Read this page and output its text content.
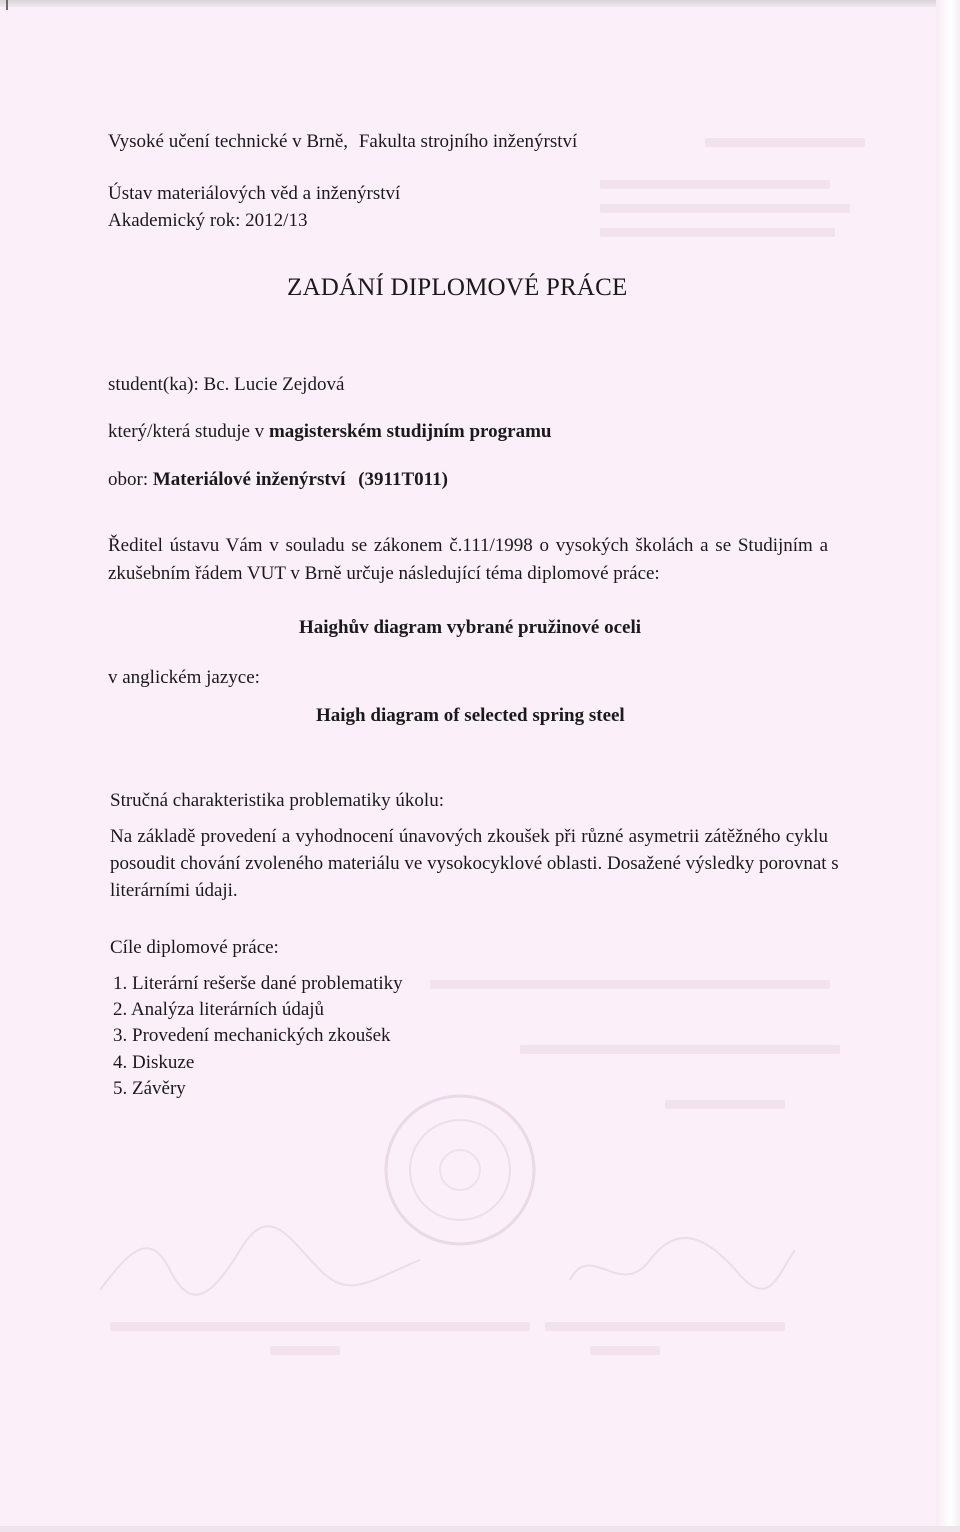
Vysoké učení technické v Brně, Fakulta strojního inženýrství
Ústav materiálových věd a inženýrství
Akademický rok: 2012/13
ZADÁNÍ DIPLOMOVÉ PRÁCE
student(ka): Bc. Lucie Zejdová
který/která studuje v magisterském studijním programu
obor: Materiálové inženýrství (3911T011)
Ředitel ústavu Vám v souladu se zákonem č.111/1998 o vysokých školách a se Studijním a
zkušebním řádem VUT v Brně určuje následující téma diplomové práce:
Haighův diagram vybrané pružinové oceli
v anglickém jazyce:
Haigh diagram of selected spring steel
Stručná charakteristika problematiky úkolu:
Na základě provedení a vyhodnocení únavových zkoušek při různé asymetrii zátěžného cyklu
posoudit chování zvoleného materiálu ve vysokocyklové oblasti. Dosažené výsledky porovnat s
literárními údaji.
Cíle diplomové práce:
1. Literární rešerše dané problematiky
2. Analýza literárních údajů
3. Provedení mechanických zkoušek
4. Diskuze
5. Závěry
